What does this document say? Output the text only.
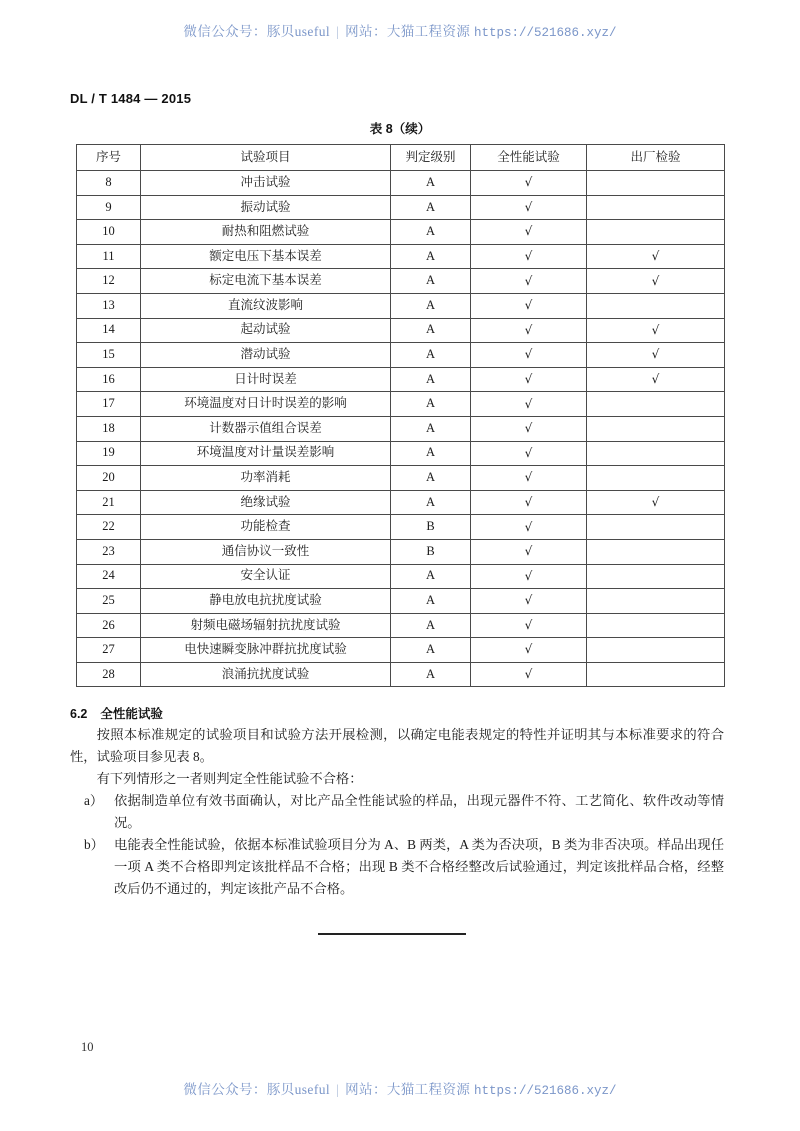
微信公众号：豚贝useful | 网站：大猫工程资源 https://521686.xyz/
DL / T 1484 — 2015
表 8（续）
序号	试验项目	判定级别	全性能试验	出厂检验
8	冲击试验	A	√	
9	振动试验	A	√	
10	耐热和阻燃试验	A	√	
11	额定电压下基本误差	A	√	√
12	标定电流下基本误差	A	√	√
13	直流纹波影响	A	√	
14	起动试验	A	√	√
15	潜动试验	A	√	√
16	日计时误差	A	√	√
17	环境温度对日计时误差的影响	A	√	
18	计数器示值组合误差	A	√	
19	环境温度对计量误差影响	A	√	
20	功率消耗	A	√	
21	绝缘试验	A	√	√
22	功能检查	B	√	
23	通信协议一致性	B	√	
24	安全认证	A	√	
25	静电放电抗扰度试验	A	√	
26	射频电磁场辐射抗扰度试验	A	√	
27	电快速瞬变脉冲群抗扰度试验	A	√	
28	浪涌抗扰度试验	A	√	
6.2 全性能试验

按照本标准规定的试验项目和试验方法开展检测，以确定电能表规定的特性并证明其与本标准要求的符合性，试验项目参见表 8。

有下列情形之一者则判定全性能试验不合格：

a） 依据制造单位有效书面确认，对比产品全性能试验的样品，出现元器件不符、工艺简化、软件改动等情况。
b） 电能表全性能试验，依据本标准试验项目分为 A、B 两类，A 类为否决项，B 类为非否决项。样品出现任一项 A 类不合格即判定该批样品不合格；出现 B 类不合格经整改后试验通过，判定该批样品合格，经整改后仍不通过的，判定该批产品不合格。
10
微信公众号：豚贝useful | 网站：大猫工程资源 https://521686.xyz/
